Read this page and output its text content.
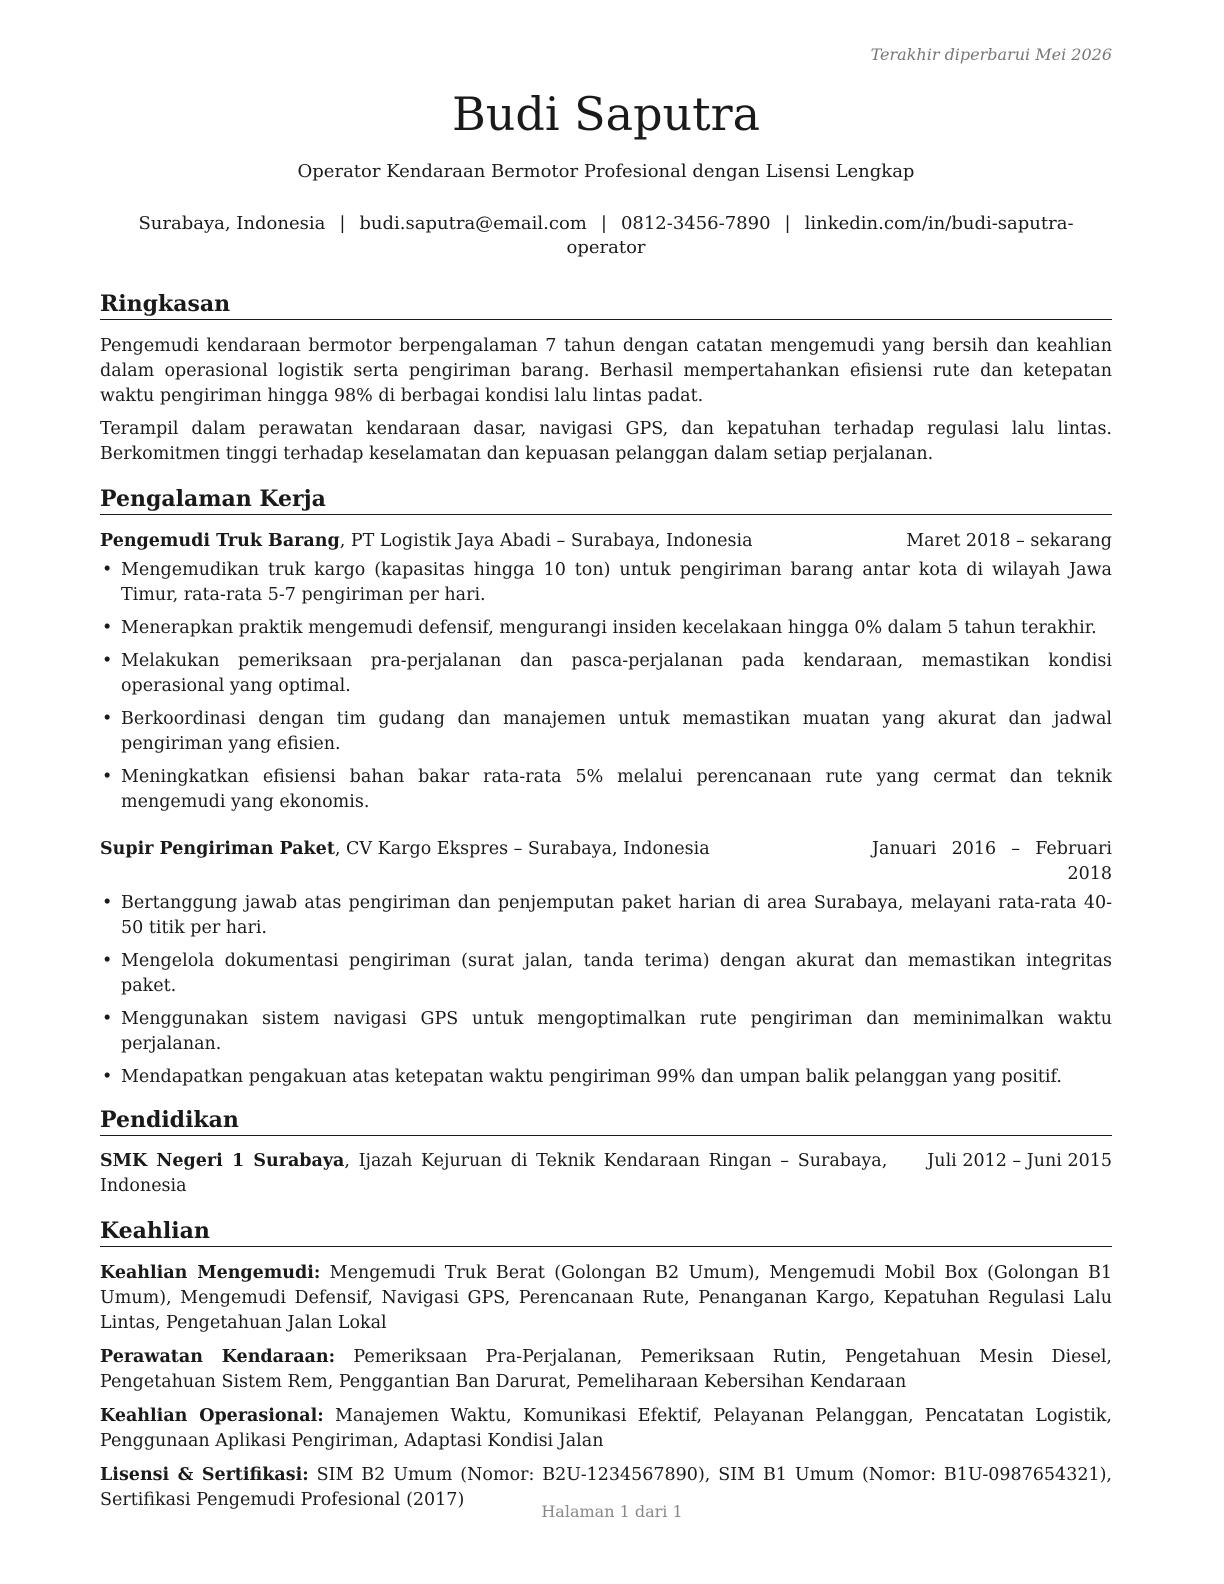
Terakhir diperbarui Mei 2026
Budi Saputra
Operator Kendaraan Bermotor Profesional dengan Lisensi Lengkap
Surabaya, Indonesia | budi.saputra@email.com | 0812-3456-7890 | linkedin.com/in/budi-saputra-operator
Ringkasan

Pengemudi kendaraan bermotor berpengalaman 7 tahun dengan catatan mengemudi yang bersih dan keahlian dalam operasional logistik serta pengiriman barang. Berhasil mempertahankan efisiensi rute dan ketepatan waktu pengiriman hingga 98% di berbagai kondisi lalu lintas padat.

Terampil dalam perawatan kendaraan dasar, navigasi GPS, dan kepatuhan terhadap regulasi lalu lintas. Berkomitmen tinggi terhadap keselamatan dan kepuasan pelanggan dalam setiap perjalanan.

Pengalaman Kerja
Pengemudi Truk Barang, PT Logistik Jaya Abadi – Surabaya, Indonesia	Maret 2018 – sekarang
• Mengemudikan truk kargo (kapasitas hingga 10 ton) untuk pengiriman barang antar kota di wilayah Jawa Timur, rata-rata 5-7 pengiriman per hari.
• Menerapkan praktik mengemudi defensif, mengurangi insiden kecelakaan hingga 0% dalam 5 tahun terakhir.
• Melakukan pemeriksaan pra-perjalanan dan pasca-perjalanan pada kendaraan, memastikan kondisi operasional yang optimal.
• Berkoordinasi dengan tim gudang dan manajemen untuk memastikan muatan yang akurat dan jadwal pengiriman yang efisien.
• Meningkatkan efisiensi bahan bakar rata-rata 5% melalui perencanaan rute yang cermat dan teknik mengemudi yang ekonomis.
Supir Pengiriman Paket, CV Kargo Ekspres – Surabaya, Indonesia	Januari 2016 – Februari 2018
• Bertanggung jawab atas pengiriman dan penjemputan paket harian di area Surabaya, melayani rata-rata 40-50 titik per hari.
• Mengelola dokumentasi pengiriman (surat jalan, tanda terima) dengan akurat dan memastikan integritas paket.
• Menggunakan sistem navigasi GPS untuk mengoptimalkan rute pengiriman dan meminimalkan waktu perjalanan.
• Mendapatkan pengakuan atas ketepatan waktu pengiriman 99% dan umpan balik pelanggan yang positif.
Pendidikan
SMK Negeri 1 Surabaya, Ijazah Kejuruan di Teknik Kendaraan Ringan – Surabaya, Indonesia
Juli 2012 – Juni 2015
Keahlian

Keahlian Mengemudi: Mengemudi Truk Berat (Golongan B2 Umum), Mengemudi Mobil Box (Golongan B1 Umum), Mengemudi Defensif, Navigasi GPS, Perencanaan Rute, Penanganan Kargo, Kepatuhan Regulasi Lalu Lintas, Pengetahuan Jalan Lokal

Perawatan Kendaraan: Pemeriksaan Pra-Perjalanan, Pemeriksaan Rutin, Pengetahuan Mesin Diesel, Pengetahuan Sistem Rem, Penggantian Ban Darurat, Pemeliharaan Kebersihan Kendaraan

Keahlian Operasional: Manajemen Waktu, Komunikasi Efektif, Pelayanan Pelanggan, Pencatatan Logistik, Penggunaan Aplikasi Pengiriman, Adaptasi Kondisi Jalan

Lisensi & Sertifikasi: SIM B2 Umum (Nomor: B2U-1234567890), SIM B1 Umum (Nomor: B1U-0987654321), Sertifikasi Pengemudi Profesional (2017)

Halaman 1 dari 1
